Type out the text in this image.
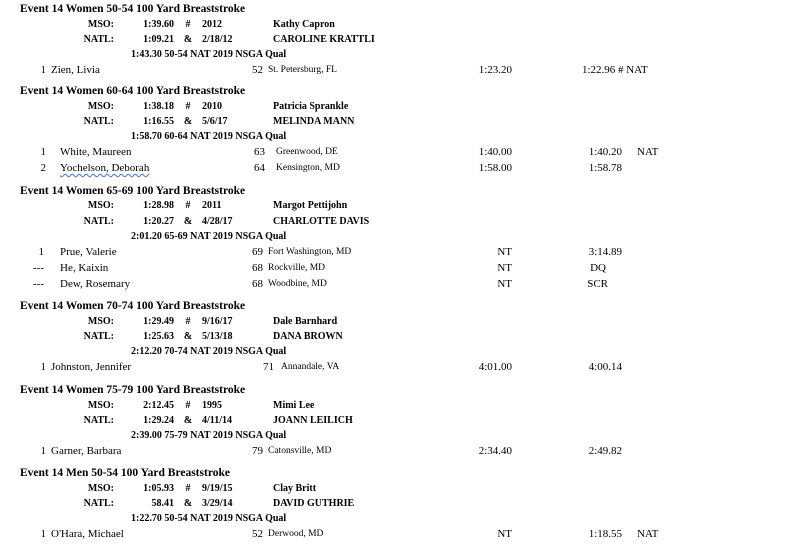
Event 14 Women 50-54 100 Yard Breaststroke
MSO:	1:39.60	#	2012	Kathy Capron
NATL:	1:09.21 & 2/18/12	CAROLINE KRATTLI
1:43.30 50-54 NAT 2019 NSGA Qual
1 Zien, Livia	52 St. Petersburg, FL	1:23.20	1:22.96 # NAT
Event 14 Women 60-64 100 Yard Breaststroke
MSO:	1:38.18	#	2010	Patricia Sprankle
NATL:	1:16.55 & 5/6/17	MELINDA MANN
1:58.70 60-64 NAT 2019 NSGA Qual
1 White, Maureen	63 Greenwood, DE	1:40.00	1:40.20 NAT
2 Yochelson, Deborah	64 Kensington, MD	1:58.00	1:58.78
Event 14 Women 65-69 100 Yard Breaststroke
MSO:	1:28.98	#	2011	Margot Pettijohn
NATL:	1:20.27 & 4/28/17	CHARLOTTE DAVIS
2:01.20 65-69 NAT 2019 NSGA Qual
1 Prue, Valerie	69 Fort Washington, MD	NT	3:14.89
--- He, Kaixin	68 Rockville, MD	NT	DQ
--- Dew, Rosemary	68 Woodbine, MD	NT	SCR
Event 14 Women 70-74 100 Yard Breaststroke
MSO:	1:29.49	#	9/16/17	Dale Barnhard
NATL:	1:25.63 & 5/13/18	DANA BROWN
2:12.20 70-74 NAT 2019 NSGA Qual
1 Johnston, Jennifer	71 Annandale, VA	4:01.00	4:00.14
Event 14 Women 75-79 100 Yard Breaststroke
MSO:	2:12.45	#	1995	Mimi Lee
NATL:	1:29.24 & 4/11/14	JOANN LEILICH
2:39.00 75-79 NAT 2019 NSGA Qual
1 Garner, Barbara	79 Catonsville, MD	2:34.40	2:49.82
Event 14 Men 50-54 100 Yard Breaststroke
MSO:	1:05.93	#	9/19/15	Clay Britt
NATL:	58.41 & 3/29/14	DAVID GUTHRIE
1:22.70 50-54 NAT 2019 NSGA Qual
1 O'Hara, Michael	52 Derwood, MD	NT	1:18.55 NAT
